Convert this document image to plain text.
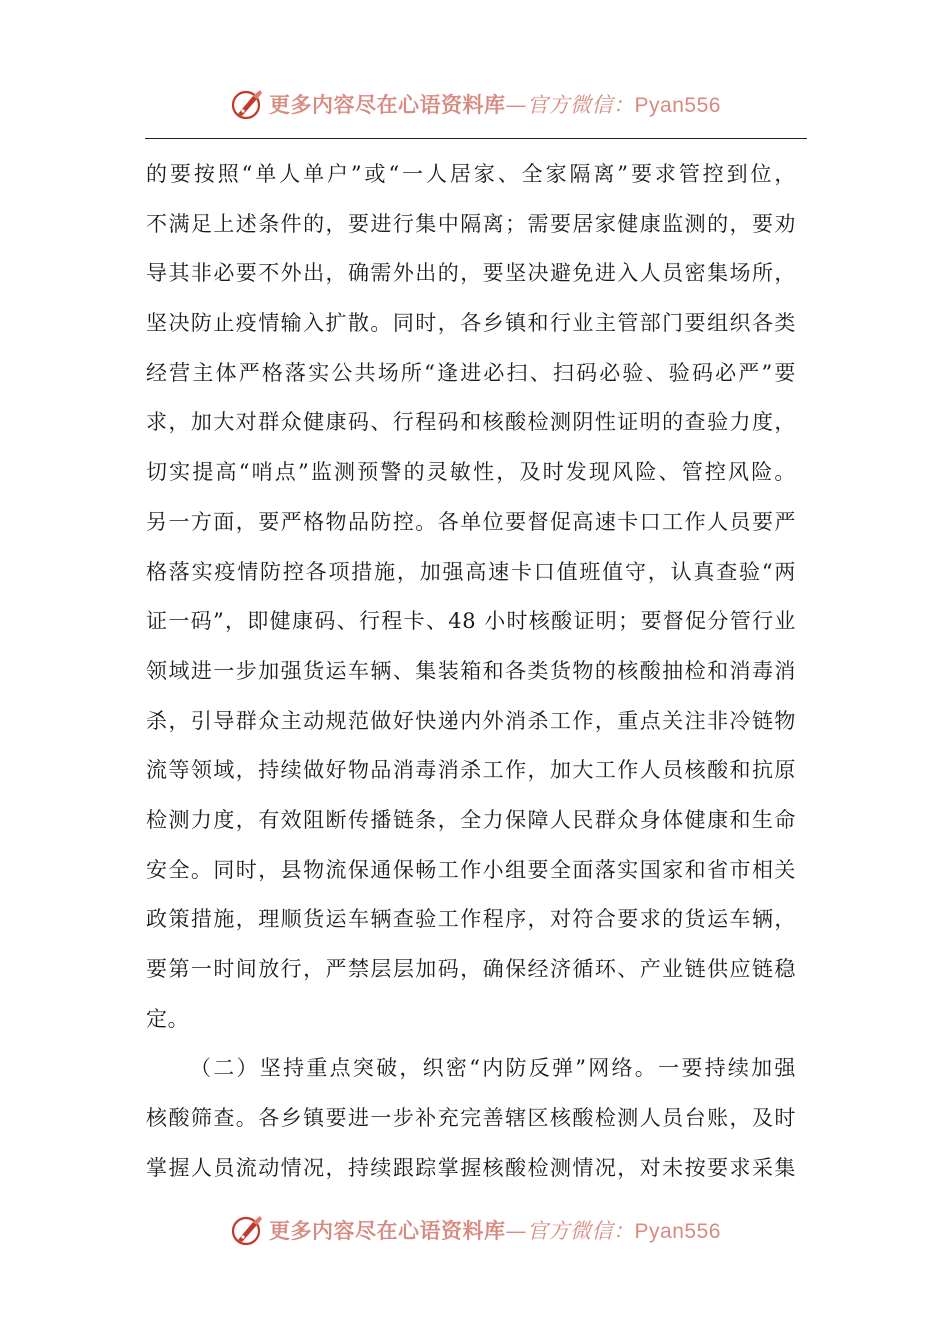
更多内容尽在心语资料库—官方微信：Pyan556
的要按照“单人单户”或“一人居家、全家隔离”要求管控到位，
不满足上述条件的，要进行集中隔离；需要居家健康监测的，要劝
导其非必要不外出，确需外出的，要坚决避免进入人员密集场所，
坚决防止疫情输入扩散。同时，各乡镇和行业主管部门要组织各类
经营主体严格落实公共场所“逢进必扫、扫码必验、验码必严”要
求，加大对群众健康码、行程码和核酸检测阴性证明的查验力度，
切实提高“哨点”监测预警的灵敏性，及时发现风险、管控风险。
另一方面，要严格物品防控。各单位要督促高速卡口工作人员要严
格落实疫情防控各项措施，加强高速卡口值班值守，认真查验“两
证一码”，即健康码、行程卡、48 小时核酸证明；要督促分管行业
领域进一步加强货运车辆、集装箱和各类货物的核酸抽检和消毒消
杀，引导群众主动规范做好快递内外消杀工作，重点关注非冷链物
流等领域，持续做好物品消毒消杀工作，加大工作人员核酸和抗原
检测力度，有效阻断传播链条，全力保障人民群众身体健康和生命
安全。同时，县物流保通保畅工作小组要全面落实国家和省市相关
政策措施，理顺货运车辆查验工作程序，对符合要求的货运车辆，
要第一时间放行，严禁层层加码，确保经济循环、产业链供应链稳
定。
（二）坚持重点突破，织密“内防反弹”网络。一要持续加强
核酸筛查。各乡镇要进一步补充完善辖区核酸检测人员台账，及时
掌握人员流动情况，持续跟踪掌握核酸检测情况，对未按要求采集
更多内容尽在心语资料库—官方微信：Pyan556
